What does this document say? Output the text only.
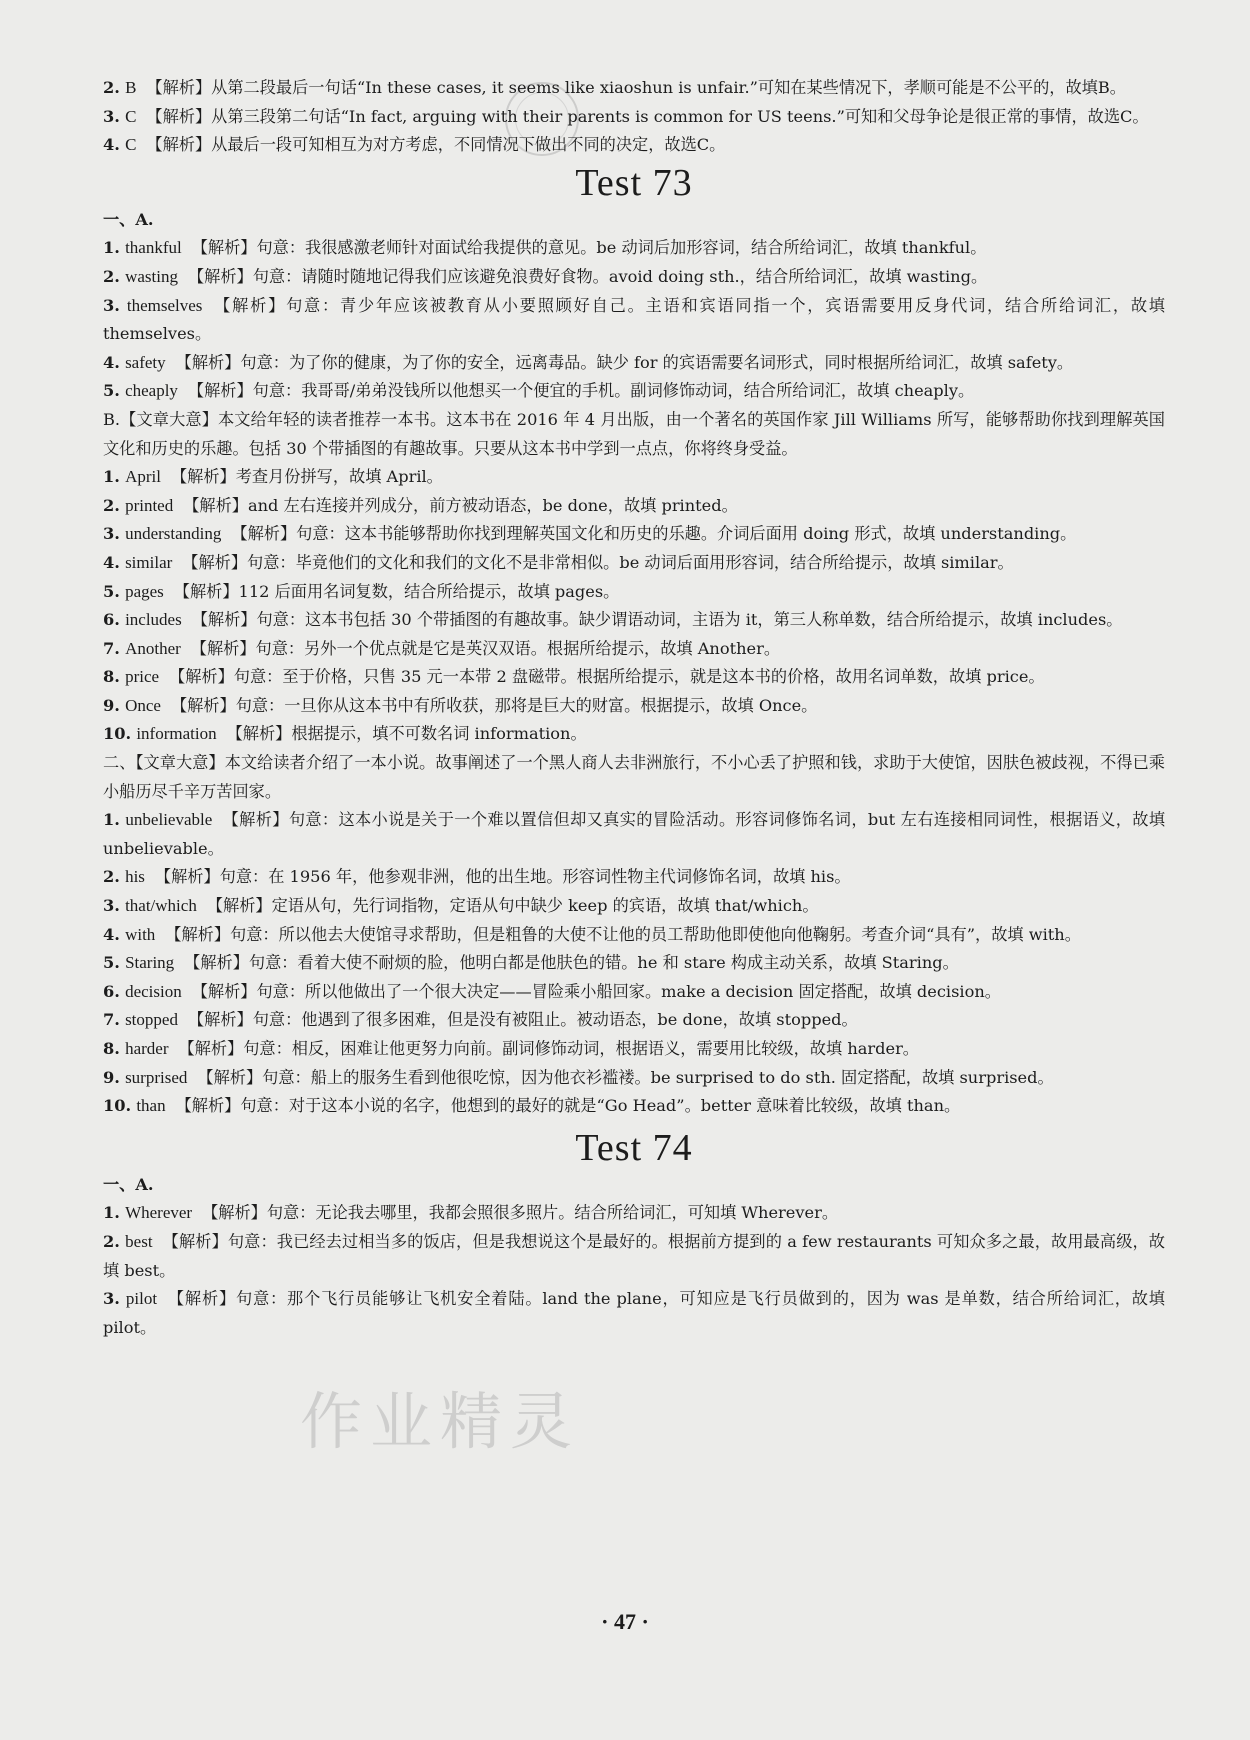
2. B 【解析】从第二段最后一句话“In these cases, it seems like xiaoshun is unfair.”可知在某些情况下，孝顺可能是不公平的，故填B。
3. C 【解析】从第三段第二句话“In fact, arguing with their parents is common for US teens.”可知和父母争论是很正常的事情，故选C。
4. C 【解析】从最后一段可知相互为对方考虑，不同情况下做出不同的决定，故选C。
Test 73
一、A.
1. thankful 【解析】句意：我很感激老师针对面试给我提供的意见。be 动词后加形容词，结合所给词汇，故填 thankful。
2. wasting 【解析】句意：请随时随地记得我们应该避免浪费好食物。avoid doing sth.，结合所给词汇，故填 wasting。
3. themselves 【解析】句意：青少年应该被教育从小要照顾好自己。主语和宾语同指一个，宾语需要用反身代词，结合所给词汇，故填 themselves。
4. safety 【解析】句意：为了你的健康，为了你的安全，远离毒品。缺少 for 的宾语需要名词形式，同时根据所给词汇，故填 safety。
5. cheaply 【解析】句意：我哥哥/弟弟没钱所以他想买一个便宜的手机。副词修饰动词，结合所给词汇，故填 cheaply。
B.【文章大意】本文给年轻的读者推荐一本书。这本书在 2016 年 4 月出版，由一个著名的英国作家 Jill Williams 所写，能够帮助你找到理解英国文化和历史的乐趣。包括 30 个带插图的有趣故事。只要从这本书中学到一点点，你将终身受益。
1. April 【解析】考查月份拼写，故填 April。
2. printed 【解析】and 左右连接并列成分，前方被动语态，be done，故填 printed。
3. understanding 【解析】句意：这本书能够帮助你找到理解英国文化和历史的乐趣。介词后面用 doing 形式，故填 understanding。
4. similar 【解析】句意：毕竟他们的文化和我们的文化不是非常相似。be 动词后面用形容词，结合所给提示，故填 similar。
5. pages 【解析】112 后面用名词复数，结合所给提示，故填 pages。
6. includes 【解析】句意：这本书包括 30 个带插图的有趣故事。缺少谓语动词，主语为 it，第三人称单数，结合所给提示，故填 includes。
7. Another 【解析】句意：另外一个优点就是它是英汉双语。根据所给提示，故填 Another。
8. price 【解析】句意：至于价格，只售 35 元一本带 2 盘磁带。根据所给提示，就是这本书的价格，故用名词单数，故填 price。
9. Once 【解析】句意：一旦你从这本书中有所收获，那将是巨大的财富。根据提示，故填 Once。
10. information 【解析】根据提示，填不可数名词 information。
二、【文章大意】本文给读者介绍了一本小说。故事阐述了一个黑人商人去非洲旅行，不小心丢了护照和钱，求助于大使馆，因肤色被歧视，不得已乘小船历尽千辛万苦回家。
1. unbelievable 【解析】句意：这本小说是关于一个难以置信但却又真实的冒险活动。形容词修饰名词，but 左右连接相同词性，根据语义，故填 unbelievable。
2. his 【解析】句意：在 1956 年，他参观非洲，他的出生地。形容词性物主代词修饰名词，故填 his。
3. that/which 【解析】定语从句，先行词指物，定语从句中缺少 keep 的宾语，故填 that/which。
4. with 【解析】句意：所以他去大使馆寻求帮助，但是粗鲁的大使不让他的员工帮助他即使他向他鞠躬。考查介词“具有”，故填 with。
5. Staring 【解析】句意：看着大使不耐烦的脸，他明白都是他肤色的错。he 和 stare 构成主动关系，故填 Staring。
6. decision 【解析】句意：所以他做出了一个很大决定——冒险乘小船回家。make a decision 固定搭配，故填 decision。
7. stopped 【解析】句意：他遇到了很多困难，但是没有被阻止。被动语态，be done，故填 stopped。
8. harder 【解析】句意：相反，困难让他更努力向前。副词修饰动词，根据语义，需要用比较级，故填 harder。
9. surprised 【解析】句意：船上的服务生看到他很吃惊，因为他衣衫褴褛。be surprised to do sth. 固定搭配，故填 surprised。
10. than 【解析】句意：对于这本小说的名字，他想到的最好的就是“Go Head”。better 意味着比较级，故填 than。
Test 74
一、A.
1. Wherever 【解析】句意：无论我去哪里，我都会照很多照片。结合所给词汇，可知填 Wherever。
2. best 【解析】句意：我已经去过相当多的饭店，但是我想说这个是最好的。根据前方提到的 a few restaurants 可知众多之最，故用最高级，故填 best。
3. pilot 【解析】句意：那个飞行员能够让飞机安全着陆。land the plane，可知应是飞行员做到的，因为 was 是单数，结合所给词汇，故填 pilot。
作业精灵
· 47 ·
